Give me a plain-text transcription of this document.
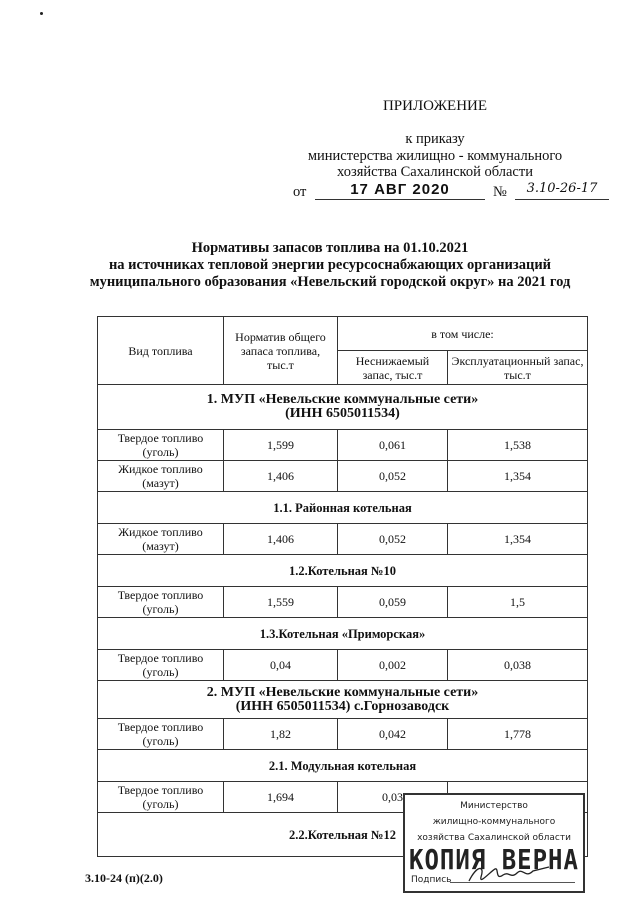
ПРИЛОЖЕНИЕ
к приказу
министерства жилищно - коммунального
хозяйства Сахалинской области
от	17 АВГ 2020	№	3.10-26-17
Нормативы запасов топлива на 01.10.2021
на источниках тепловой энергии ресурсоснабжающих организаций
муниципального образования «Невельский городской округ» на 2021 год
Вид топлива	Норматив общего запаса топлива, тыс.т	в том числе:	
		Неснижаемый запас, тыс.т	Эксплуатационный запас, тыс.т

1. МУП «Невельские коммунальные сети»
(ИНН 6505011534)			

Твердое топливо
(уголь)	1,599	0,061	1,538

Жидкое топливо
(мазут)	1,406	0,052	1,354
1.1. Районная котельная			

Жидкое топливо
(мазут)	1,406	0,052	1,354
1.2.Котельная №10			

Твердое топливо
(уголь)	1,559	0,059	1,5
1.3.Котельная «Приморская»			

Твердое топливо
(уголь)	0,04	0,002	0,038

2. МУП «Невельские коммунальные сети»
(ИНН 6505011534) с.Горнозаводск			

Твердое топливо
(уголь)	1,82	0,042	1,778
2.1. Модульная котельная			

Твердое топливо
(уголь)	1,694	0,03	
2.2.Котельная №12			
3.10-24 (п)(2.0)
Министерство
жилищно-коммунального
хозяйства Сахалинской области
КОПИЯ ВЕРНА
Подпись
